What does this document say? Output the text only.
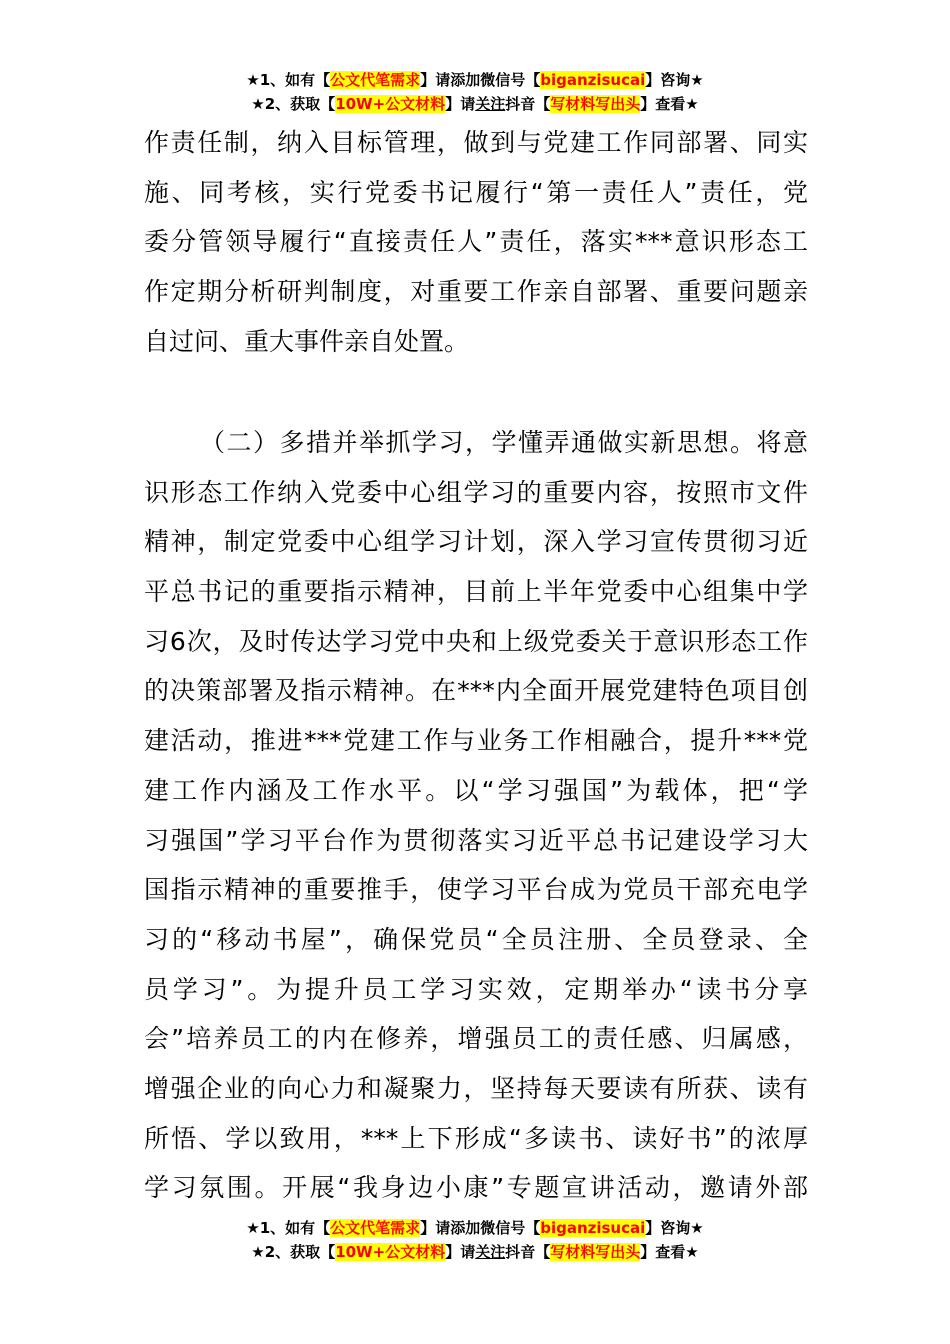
★1、如有【公文代笔需求】请添加微信号【biganzisucai】咨询★
★2、获取【10W+公文材料】请关注抖音【写材料写出头】查看★
作责任制，纳入目标管理，做到与党建工作同部署、同实
施、同考核，实行党委书记履行“第一责任人”责任，党
委分管领导履行“直接责任人”责任，落实***意识形态工
作定期分析研判制度，对重要工作亲自部署、重要问题亲
自过问、重大事件亲自处置。
（二）多措并举抓学习，学懂弄通做实新思想。将意
识形态工作纳入党委中心组学习的重要内容，按照市文件
精神，制定党委中心组学习计划，深入学习宣传贯彻习近
平总书记的重要指示精神，目前上半年党委中心组集中学
习6次，及时传达学习党中央和上级党委关于意识形态工作
的决策部署及指示精神。在***内全面开展党建特色项目创
建活动，推进***党建工作与业务工作相融合，提升***党
建工作内涵及工作水平。以“学习强国”为载体，把“学
习强国”学习平台作为贯彻落实习近平总书记建设学习大
国指示精神的重要推手，使学习平台成为党员干部充电学
习的“移动书屋”，确保党员“全员注册、全员登录、全
员学习”。为提升员工学习实效，定期举办“读书分享
会”培养员工的内在修养，增强员工的责任感、归属感，
增强企业的向心力和凝聚力，坚持每天要读有所获、读有
所悟、学以致用，***上下形成“多读书、读好书”的浓厚
学习氛围。开展“我身边小康”专题宣讲活动，邀请外部
★1、如有【公文代笔需求】请添加微信号【biganzisucai】咨询★
★2、获取【10W+公文材料】请关注抖音【写材料写出头】查看★
